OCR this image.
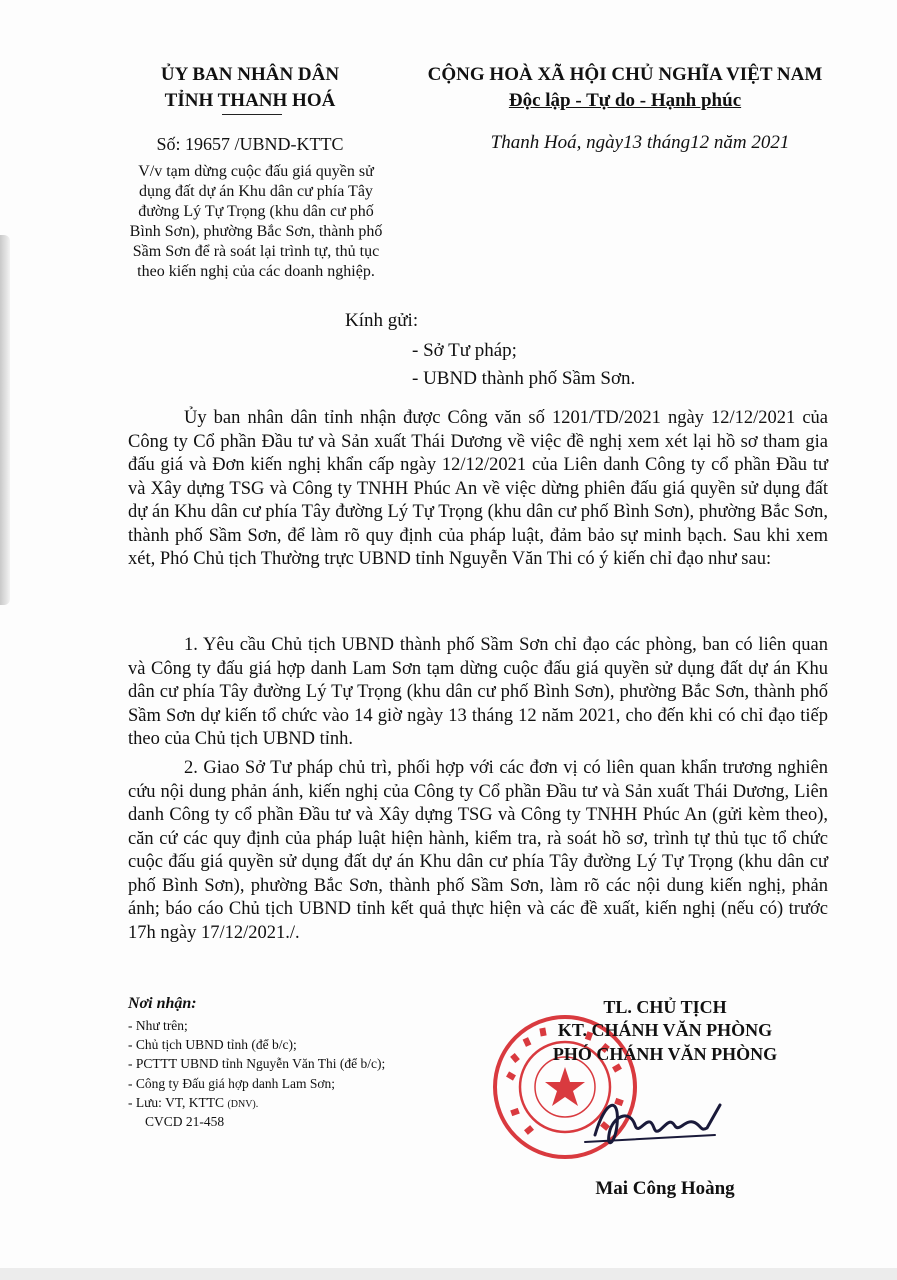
ỦY BAN NHÂN DÂN
TỈNH THANH HOÁ
CỘNG HOÀ XÃ HỘI CHỦ NGHĨA VIỆT NAM
Độc lập - Tự do - Hạnh phúc
Số: 19657 /UBND-KTTC	Thanh Hoá, ngày13 tháng12 năm 2021
V/v tạm dừng cuộc đấu giá quyền sử
dụng đất dự án Khu dân cư phía Tây
đường Lý Tự Trọng (khu dân cư phố
Bình Sơn), phường Bắc Sơn, thành phố
Sầm Sơn để rà soát lại trình tự, thủ tục
theo kiến nghị của các doanh nghiệp.
Kính gửi:
- Sở Tư pháp;
- UBND thành phố Sầm Sơn.
Ủy ban nhân dân tỉnh nhận được Công văn số 1201/TD/2021 ngày 12/12/2021 của Công ty Cổ phần Đầu tư và Sản xuất Thái Dương về việc đề nghị xem xét lại hồ sơ tham gia đấu giá và Đơn kiến nghị khẩn cấp ngày 12/12/2021 của Liên danh Công ty cổ phần Đầu tư và Xây dựng TSG và Công ty TNHH Phúc An về việc dừng phiên đấu giá quyền sử dụng đất dự án Khu dân cư phía Tây đường Lý Tự Trọng (khu dân cư phố Bình Sơn), phường Bắc Sơn, thành phố Sầm Sơn, để làm rõ quy định của pháp luật, đảm bảo sự minh bạch. Sau khi xem xét, Phó Chủ tịch Thường trực UBND tỉnh Nguyễn Văn Thi có ý kiến chỉ đạo như sau:
1. Yêu cầu Chủ tịch UBND thành phố Sầm Sơn chỉ đạo các phòng, ban có liên quan và Công ty đấu giá hợp danh Lam Sơn tạm dừng cuộc đấu giá quyền sử dụng đất dự án Khu dân cư phía Tây đường Lý Tự Trọng (khu dân cư phố Bình Sơn), phường Bắc Sơn, thành phố Sầm Sơn dự kiến tổ chức vào 14 giờ ngày 13 tháng 12 năm 2021, cho đến khi có chỉ đạo tiếp theo của Chủ tịch UBND tỉnh.
2. Giao Sở Tư pháp chủ trì, phối hợp với các đơn vị có liên quan khẩn trương nghiên cứu nội dung phản ánh, kiến nghị của Công ty Cổ phần Đầu tư và Sản xuất Thái Dương, Liên danh Công ty cổ phần Đầu tư và Xây dựng TSG và Công ty TNHH Phúc An (gửi kèm theo), căn cứ các quy định của pháp luật hiện hành, kiểm tra, rà soát hồ sơ, trình tự thủ tục tổ chức cuộc đấu giá quyền sử dụng đất dự án Khu dân cư phía Tây đường Lý Tự Trọng (khu dân cư phố Bình Sơn), phường Bắc Sơn, thành phố Sầm Sơn, làm rõ các nội dung kiến nghị, phản ánh; báo cáo Chủ tịch UBND tỉnh kết quả thực hiện và các đề xuất, kiến nghị (nếu có) trước 17h ngày 17/12/2021./.
Nơi nhận:
- Như trên;
- Chủ tịch UBND tỉnh (để b/c);
- PCTTT UBND tỉnh Nguyễn Văn Thi (để b/c);
- Công ty Đấu giá hợp danh Lam Sơn;
- Lưu: VT, KTTC (DNV).
CVCD 21-458
TL. CHỦ TỊCH
KT. CHÁNH VĂN PHÒNG
PHÓ CHÁNH VĂN PHÒNG
Mai Công Hoàng
